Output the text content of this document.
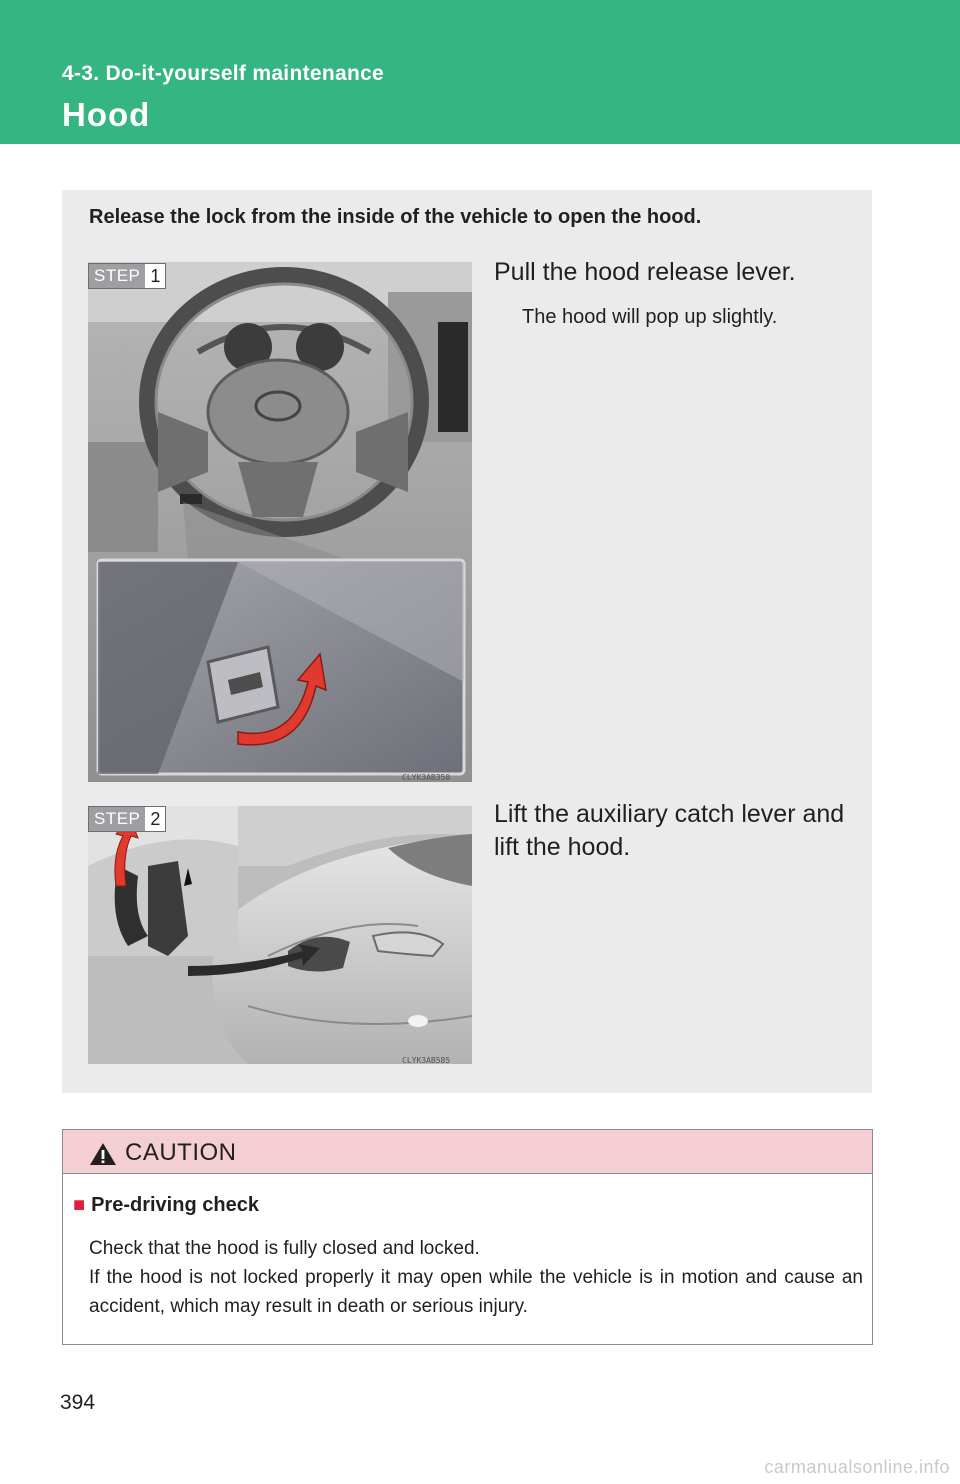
4-3. Do-it-yourself maintenance
Hood
Release the lock from the inside of the vehicle to open the hood.
STEP 1
CLYK3AB350
Pull the hood release lever.
The hood will pop up slightly.
STEP 2
CLYK3AB585
Lift the auxiliary catch lever and lift the hood.
CAUTION
■ Pre-driving check

Check that the hood is fully closed and locked.

If the hood is not locked properly it may open while the vehicle is in motion and cause an accident, which may result in death or serious injury.

394
carmanualsonline.info
